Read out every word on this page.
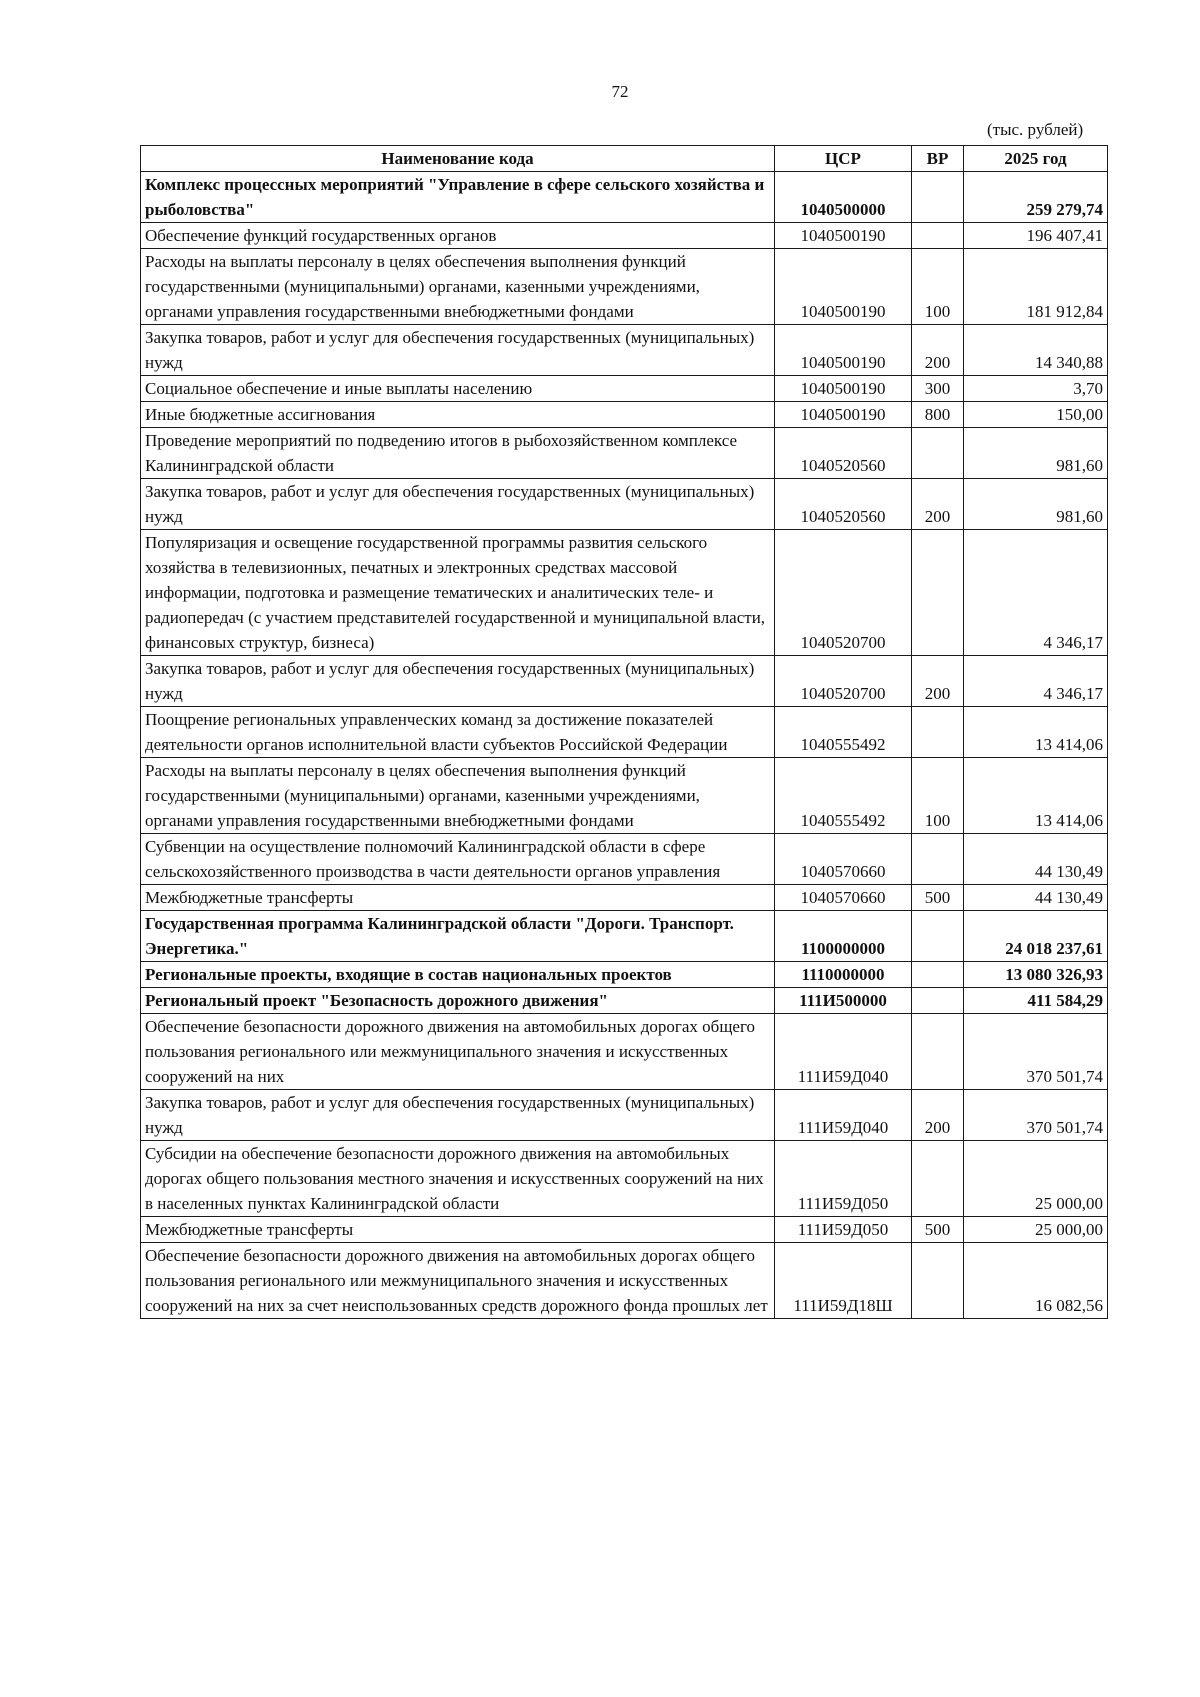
72
(тыс. рублей)
Наименование кода	ЦСР	ВР	2025 год
Комплекс процессных мероприятий "Управление в сфере сельского хозяйства и рыболовства"	1040500000		259 279,74
Обеспечение функций государственных органов	1040500190		196 407,41
Расходы на выплаты персоналу в целях обеспечения выполнения функций государственными (муниципальными) органами, казенными учреждениями, органами управления государственными внебюджетными фондами	1040500190	100	181 912,84
Закупка товаров, работ и услуг для обеспечения государственных (муниципальных) нужд	1040500190	200	14 340,88
Социальное обеспечение и иные выплаты населению	1040500190	300	3,70
Иные бюджетные ассигнования	1040500190	800	150,00
Проведение мероприятий по подведению итогов в рыбохозяйственном комплексе Калининградской области	1040520560		981,60
Закупка товаров, работ и услуг для обеспечения государственных (муниципальных) нужд	1040520560	200	981,60
Популяризация и освещение государственной программы развития сельского хозяйства в телевизионных, печатных и электронных средствах массовой информации, подготовка и размещение тематических и аналитических теле- и радиопередач (с участием представителей государственной и муниципальной власти, финансовых структур, бизнеса)	1040520700		4 346,17
Закупка товаров, работ и услуг для обеспечения государственных (муниципальных) нужд	1040520700	200	4 346,17
Поощрение региональных управленческих команд за достижение показателей деятельности органов исполнительной власти субъектов Российской Федерации	1040555492		13 414,06
Расходы на выплаты персоналу в целях обеспечения выполнения функций государственными (муниципальными) органами, казенными учреждениями, органами управления государственными внебюджетными фондами	1040555492	100	13 414,06
Субвенции на осуществление полномочий Калининградской области в сфере сельскохозяйственного производства в части деятельности органов управления	1040570660		44 130,49
Межбюджетные трансферты	1040570660	500	44 130,49
Государственная программа Калининградской области "Дороги. Транспорт. Энергетика."	1100000000		24 018 237,61
Региональные проекты, входящие в состав национальных проектов	1110000000		13 080 326,93
Региональный проект "Безопасность дорожного движения"	111И500000		411 584,29
Обеспечение безопасности дорожного движения на автомобильных дорогах общего пользования регионального или межмуниципального значения и искусственных сооружений на них	111И59Д040		370 501,74
Закупка товаров, работ и услуг для обеспечения государственных (муниципальных) нужд	111И59Д040	200	370 501,74
Субсидии на обеспечение безопасности дорожного движения на автомобильных дорогах общего пользования местного значения и искусственных сооружений на них в населенных пунктах Калининградской области	111И59Д050		25 000,00
Межбюджетные трансферты	111И59Д050	500	25 000,00
Обеспечение безопасности дорожного движения на автомобильных дорогах общего пользования регионального или межмуниципального значения и искусственных сооружений на них за счет неиспользованных средств дорожного фонда прошлых лет	111И59Д18Ш		16 082,56
